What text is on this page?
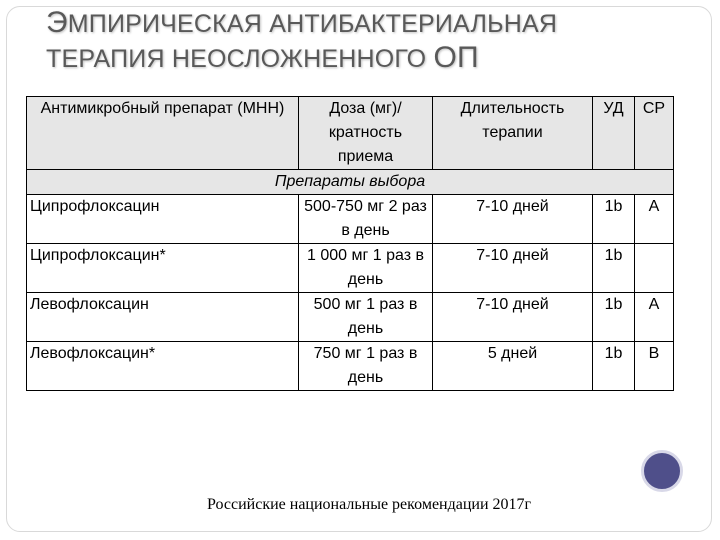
ЭМПИРИЧЕСКАЯ АНТИБАКТЕРИАЛЬНАЯ
ТЕРАПИЯ НЕОСЛОЖНЕННОГО ОП
Антимикробный препарат (МНН)	Доза (мг)/ кратность приема	Длительность терапии	УД	СР
Препараты выбора				
Ципрофлоксацин	500-750 мг 2 раз в день	7-10 дней	1b	A
Ципрофлоксацин*	1 000 мг 1 раз в день	7-10 дней	1b	
Левофлоксацин	500 мг 1 раз в день	7-10 дней	1b	A
Левофлоксацин*	750 мг 1 раз в день	5 дней	1b	B
Российские национальные рекомендации 2017г
